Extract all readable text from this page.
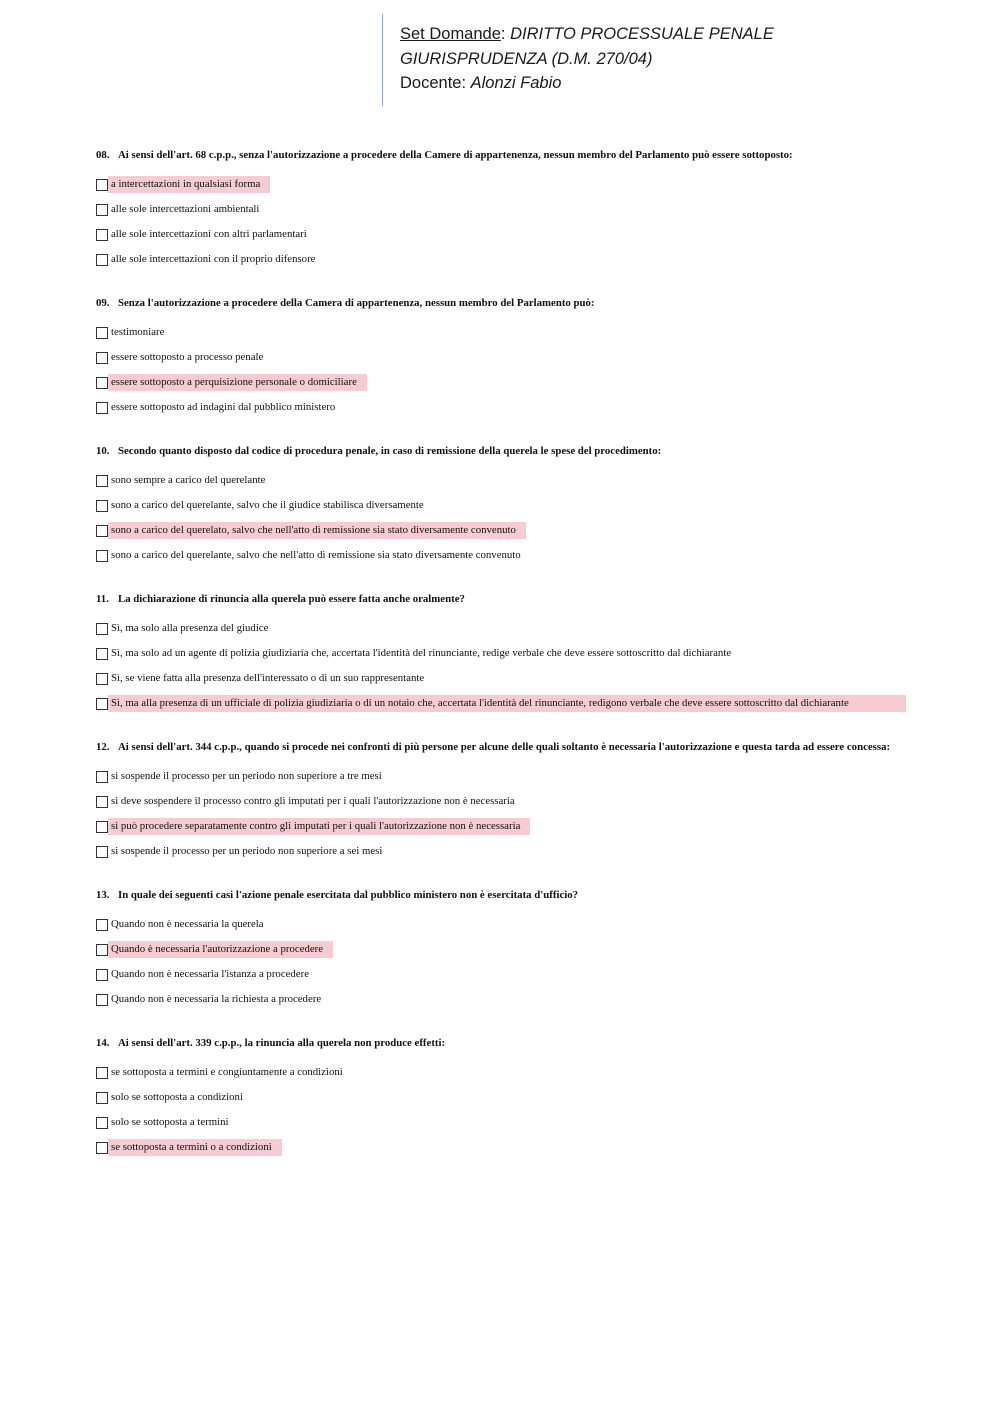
Set Domande: DIRITTO PROCESSUALE PENALE
GIURISPRUDENZA (D.M. 270/04)
Docente: Alonzi Fabio

08. Ai sensi dell'art. 68 c.p.p., senza l'autorizzazione a procedere della Camere di appartenenza, nessun membro del Parlamento può essere sottoposto:

a intercettazioni in qualsiasi forma
alle sole intercettazioni ambientali
alle sole intercettazioni con altri parlamentari
alle sole intercettazioni con il proprio difensore

09. Senza l'autorizzazione a procedere della Camera di appartenenza, nessun membro del Parlamento può:

testimoniare
essere sottoposto a processo penale
essere sottoposto a perquisizione personale o domiciliare
essere sottoposto ad indagini dal pubblico ministero

10. Secondo quanto disposto dal codice di procedura penale, in caso di remissione della querela le spese del procedimento:

sono sempre a carico del querelante
sono a carico del querelante, salvo che il giudice stabilisca diversamente
sono a carico del querelato, salvo che nell'atto di remissione sia stato diversamente convenuto
sono a carico del querelante, salvo che nell'atto di remissione sia stato diversamente convenuto

11. La dichiarazione di rinuncia alla querela può essere fatta anche oralmente?

Sì, ma solo alla presenza del giudice
Sì, ma solo ad un agente di polizia giudiziaria che, accertata l'identità del rinunciante, redige verbale che deve essere sottoscritto dal dichiarante
Sì, se viene fatta alla presenza dell'interessato o di un suo rappresentante
Sì, ma alla presenza di un ufficiale di polizia giudiziaria o di un notaio che, accertata l'identità del rinunciante, redigono verbale che deve essere sottoscritto dal dichiarante

12. Ai sensi dell'art. 344 c.p.p., quando si procede nei confronti di più persone per alcune delle quali soltanto è necessaria l'autorizzazione e questa tarda ad essere concessa:

si sospende il processo per un periodo non superiore a tre mesi
si deve sospendere il processo contro gli imputati per i quali l'autorizzazione non è necessaria
si può procedere separatamente contro gli imputati per i quali l'autorizzazione non è necessaria
si sospende il processo per un periodo non superiore a sei mesi

13. In quale dei seguenti casi l'azione penale esercitata dal pubblico ministero non è esercitata d'ufficio?

Quando non è necessaria la querela
Quando è necessaria l'autorizzazione a procedere
Quando non è necessaria l'istanza a procedere
Quando non è necessaria la richiesta a procedere

14. Ai sensi dell'art. 339 c.p.p., la rinuncia alla querela non produce effetti:

se sottoposta a termini e congiuntamente a condizioni
solo se sottoposta a condizioni
solo se sottoposta a termini
se sottoposta a termini o a condizioni
